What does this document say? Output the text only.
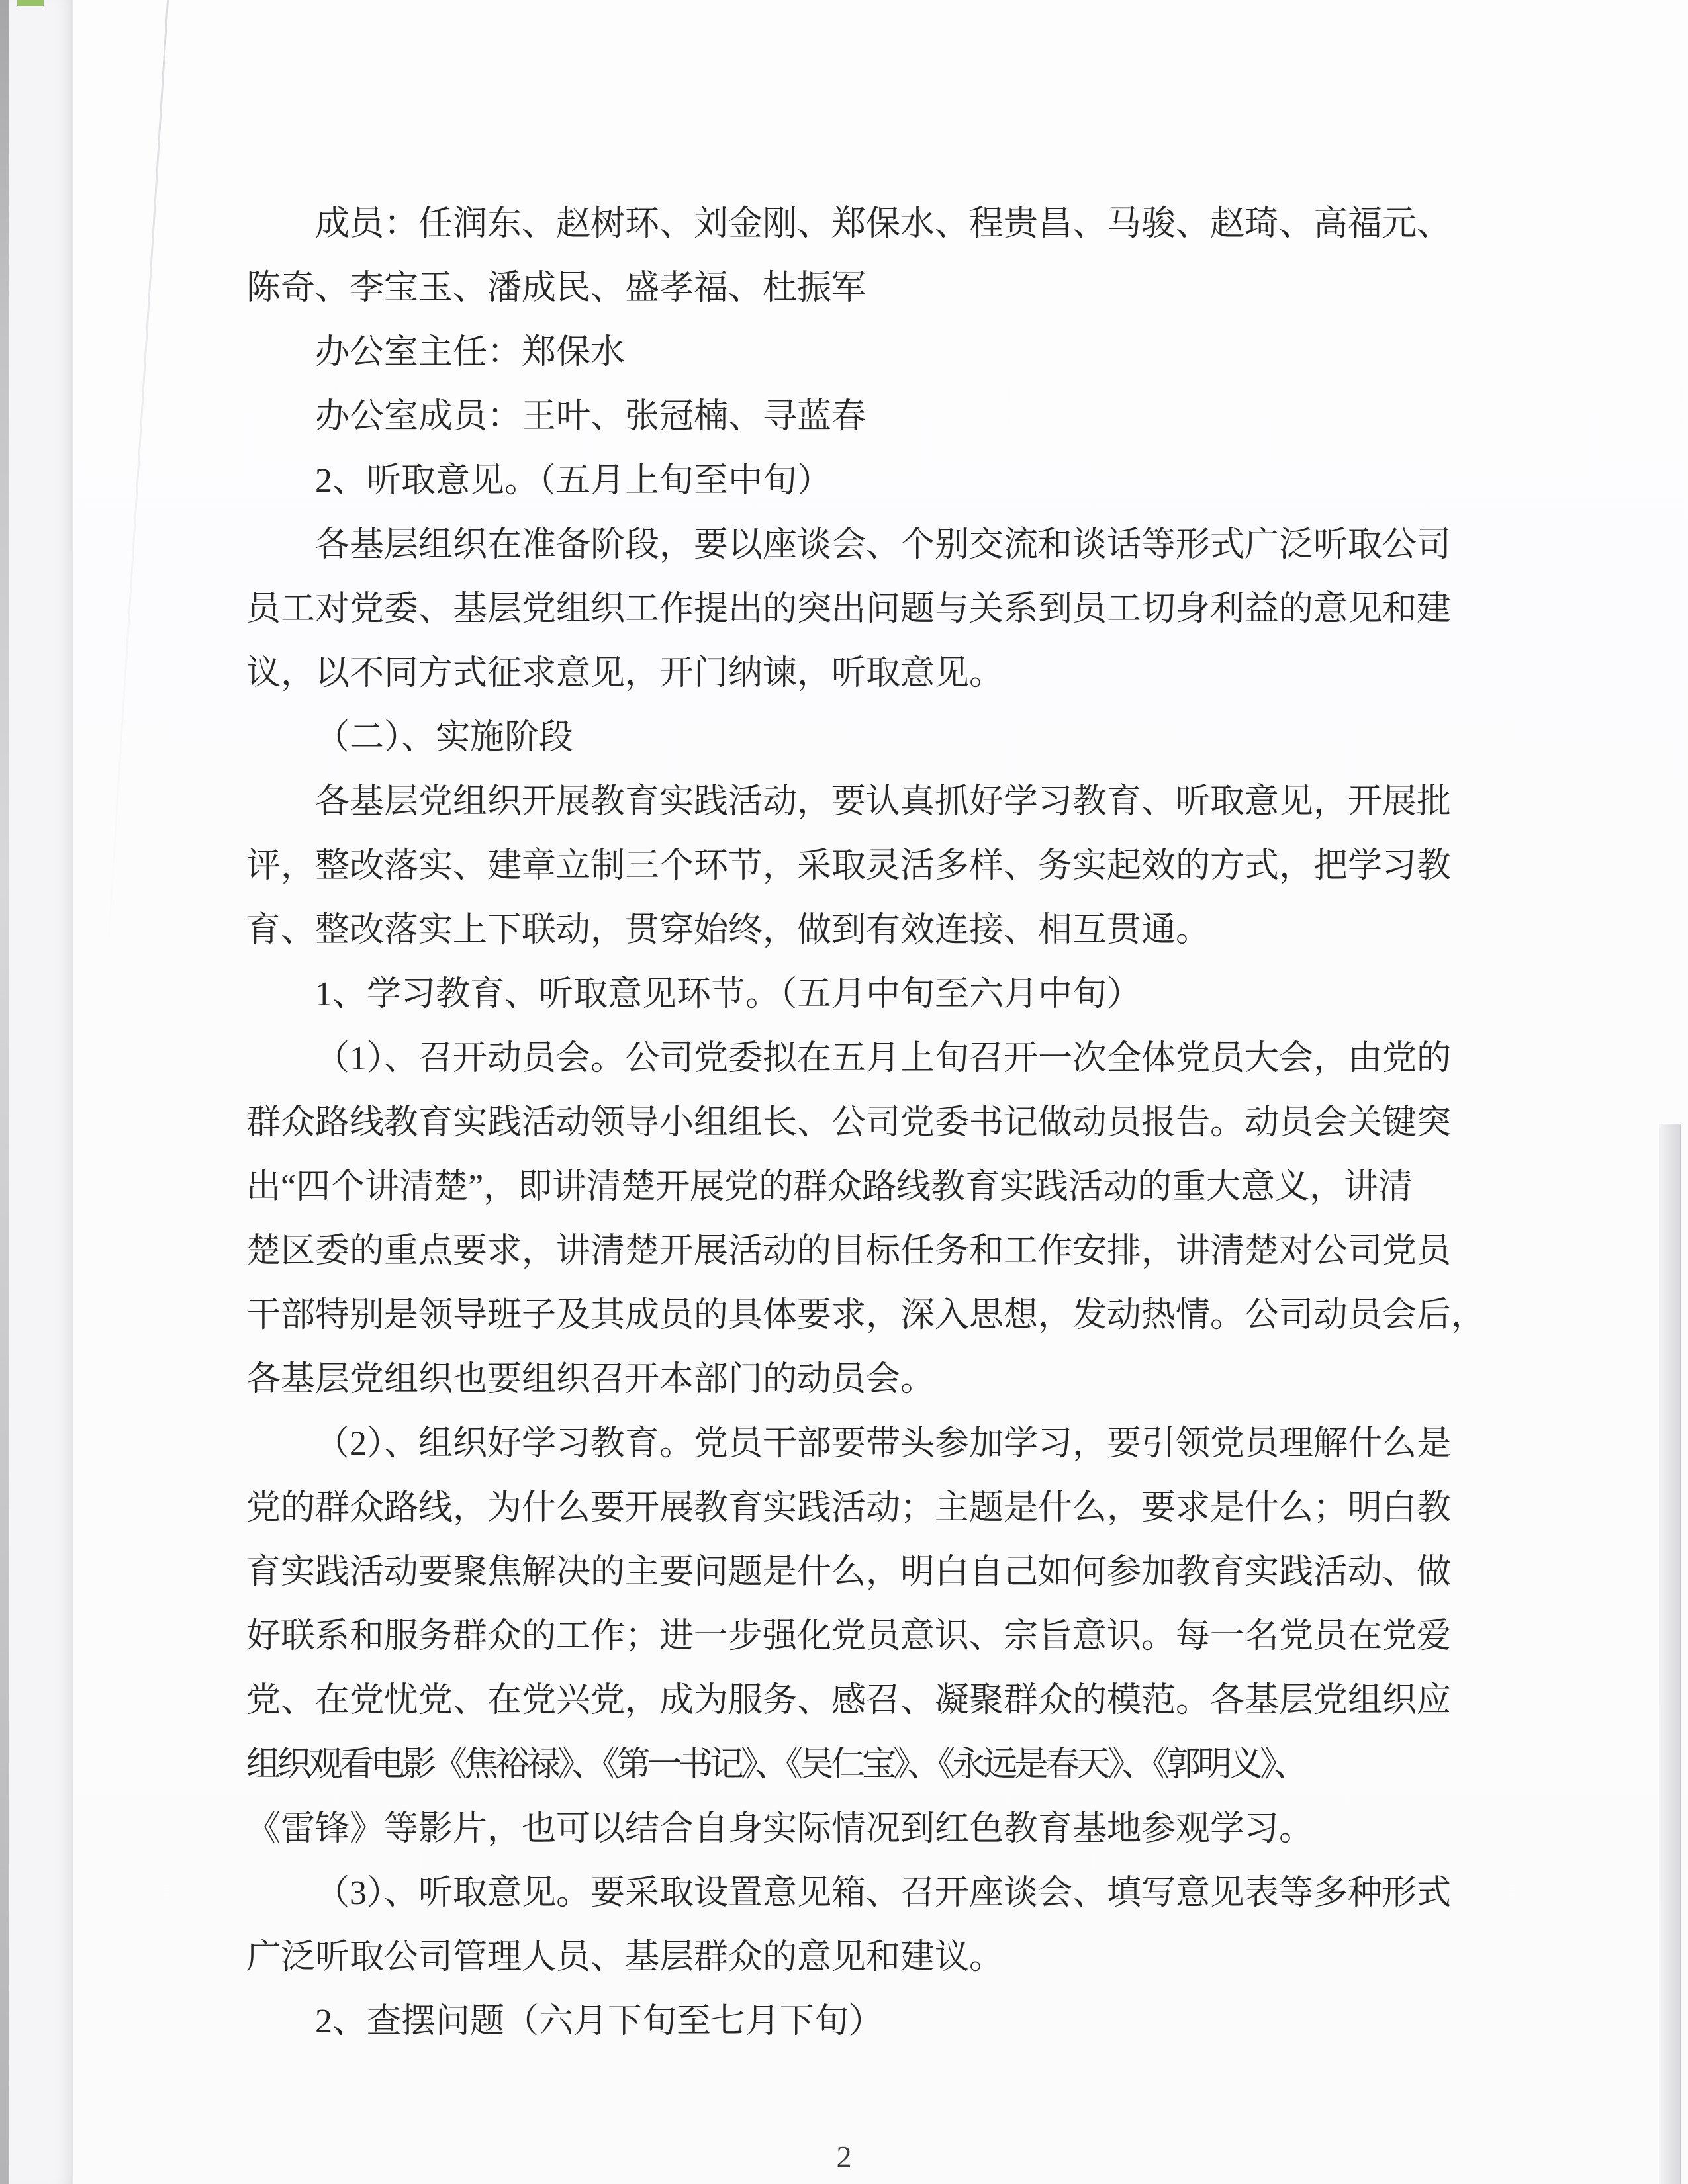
成员：任润东、赵树环、刘金刚、郑保水、程贵昌、马骏、赵琦、高福元、
陈奇、李宝玉、潘成民、盛孝福、杜振军
办公室主任：郑保水
办公室成员：王叶、张冠楠、寻蓝春
2、听取意见。（五月上旬至中旬）
各基层组织在准备阶段，要以座谈会、个别交流和谈话等形式广泛听取公司
员工对党委、基层党组织工作提出的突出问题与关系到员工切身利益的意见和建
议，以不同方式征求意见，开门纳谏，听取意见。
（二）、实施阶段
各基层党组织开展教育实践活动，要认真抓好学习教育、听取意见，开展批
评，整改落实、建章立制三个环节，采取灵活多样、务实起效的方式，把学习教
育、整改落实上下联动，贯穿始终，做到有效连接、相互贯通。
1、学习教育、听取意见环节。（五月中旬至六月中旬）
（1）、召开动员会。公司党委拟在五月上旬召开一次全体党员大会，由党的
群众路线教育实践活动领导小组组长、公司党委书记做动员报告。动员会关键突
出“四个讲清楚”，即讲清楚开展党的群众路线教育实践活动的重大意义，讲清
楚区委的重点要求，讲清楚开展活动的目标任务和工作安排，讲清楚对公司党员
干部特别是领导班子及其成员的具体要求，深入思想，发动热情。公司动员会后，
各基层党组织也要组织召开本部门的动员会。
（2）、组织好学习教育。党员干部要带头参加学习，要引领党员理解什么是
党的群众路线，为什么要开展教育实践活动；主题是什么，要求是什么；明白教
育实践活动要聚焦解决的主要问题是什么，明白自己如何参加教育实践活动、做
好联系和服务群众的工作；进一步强化党员意识、宗旨意识。每一名党员在党爱
党、在党忧党、在党兴党，成为服务、感召、凝聚群众的模范。各基层党组织应
组织观看电影《焦裕禄》、《第一书记》、《吴仁宝》、《永远是春天》、《郭明义》、
《雷锋》等影片，也可以结合自身实际情况到红色教育基地参观学习。
（3）、听取意见。要采取设置意见箱、召开座谈会、填写意见表等多种形式
广泛听取公司管理人员、基层群众的意见和建议。
2、查摆问题（六月下旬至七月下旬）
2
